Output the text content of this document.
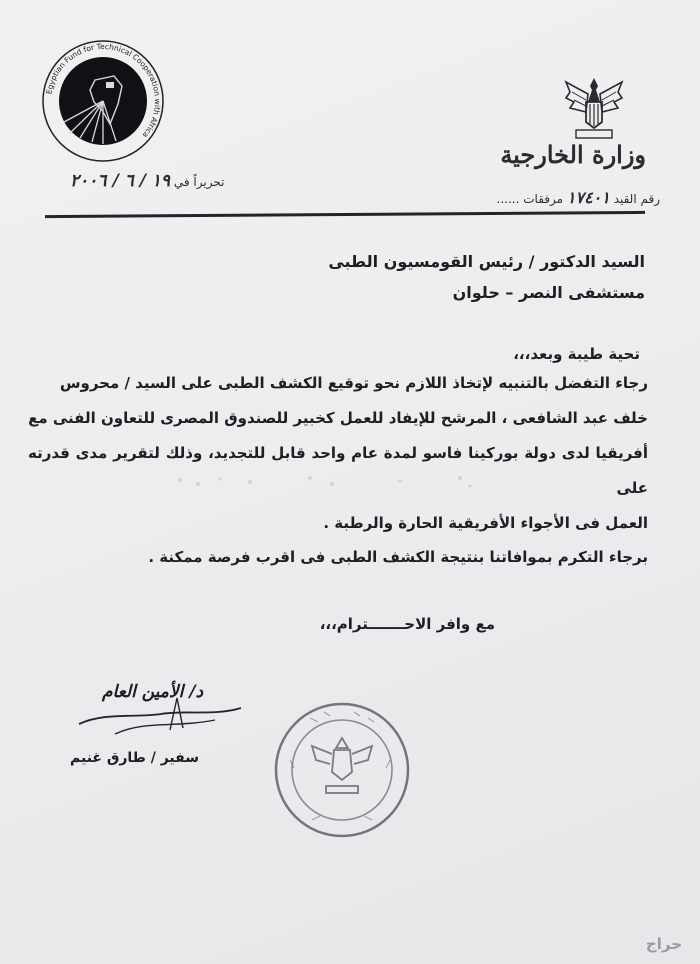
Egyptian Fund for Technical Cooperation with Africa
وزارة الخارجية
رقم القيد ١٧٤٠١ مرفقات ......
تحريراً في ١٩ / ٦ / ٢٠٠٦
السيد الدكتور / رئيس القومسيون الطبى
مستشفى النصر – حلوان
تحية طيبة وبعد،،،
رجاء التفضل بالتنبيه لإتخاذ اللازم نحو توقيع الكشف الطبى على السيد / محروس
خلف عبد الشافعى ، المرشح للإيفاد للعمل كخبير للصندوق المصرى للتعاون الفنى مع
أفريقيا لدى دولة بوركينا فاسو لمدة عام واحد قابل للتجديد، وذلك لتقرير مدى قدرته على
العمل فى الأجواء الأفريقية الحارة والرطبة .
برجاء التكرم بموافاتنا بنتيجة الكشف الطبى فى اقرب فرصة ممكنة .
مع وافر الاحـــــــترام،،،
د/ الأمين العام
سفير / طارق غنيم
حراج
